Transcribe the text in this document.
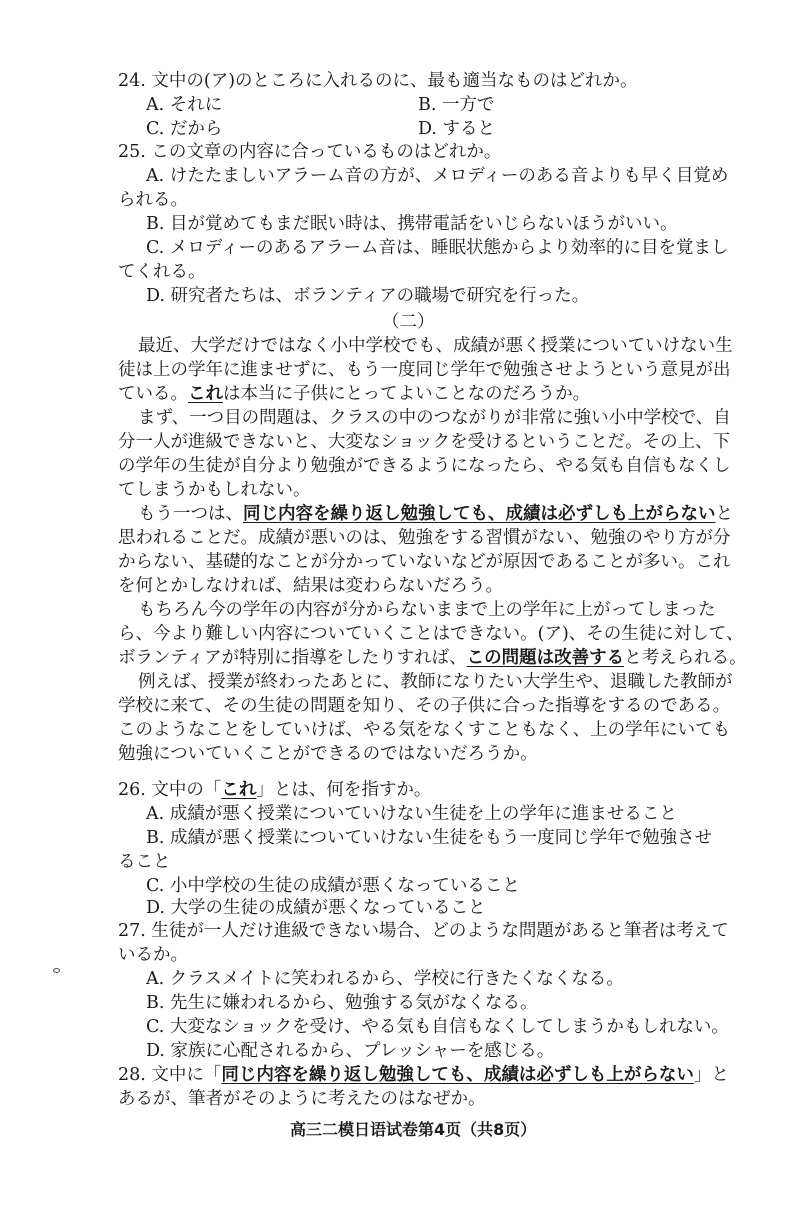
24. 文中の(ア)のところに入れるのに、最も適当なものはどれか。
A. それに	B. 一方で
C. だから	D. すると
25. この文章の内容に合っているものはどれか。
A. けたたましいアラーム音の方が、メロディーのある音よりも早く目覚め
られる。
B. 目が覚めてもまだ眠い時は、携帯電話をいじらないほうがいい。
C. メロディーのあるアラーム音は、睡眠状態からより効率的に目を覚まし
てくれる。
D. 研究者たちは、ボランティアの職場で研究を行った。
（二）
最近、大学だけではなく小中学校でも、成績が悪く授業についていけない生
徒は上の学年に進ませずに、もう一度同じ学年で勉強させようという意見が出
ている。これは本当に子供にとってよいことなのだろうか。
まず、一つ目の問題は、クラスの中のつながりが非常に強い小中学校で、自
分一人が進級できないと、大変なショックを受けるということだ。その上、下
の学年の生徒が自分より勉強ができるようになったら、やる気も自信もなくし
てしまうかもしれない。
もう一つは、同じ内容を繰り返し勉強しても、成績は必ずしも上がらないと
思われることだ。成績が悪いのは、勉強をする習慣がない、勉強のやり方が分
からない、基礎的なことが分かっていないなどが原因であることが多い。これ
を何とかしなければ、結果は変わらないだろう。
もちろん今の学年の内容が分からないままで上の学年に上がってしまった
ら、今より難しい内容についていくことはできない。(ア)、その生徒に対して、
ボランティアが特別に指導をしたりすれば、この問題は改善すると考えられる。
例えば、授業が終わったあとに、教師になりたい大学生や、退職した教師が
学校に来て、その生徒の問題を知り、その子供に合った指導をするのである。
このようなことをしていけば、やる気をなくすこともなく、上の学年にいても
勉強についていくことができるのではないだろうか。
26. 文中の「これ」とは、何を指すか。
A. 成績が悪く授業についていけない生徒を上の学年に進ませること
B. 成績が悪く授業についていけない生徒をもう一度同じ学年で勉強させ
ること
C. 小中学校の生徒の成績が悪くなっていること
D. 大学の生徒の成績が悪くなっていること
27. 生徒が一人だけ進級できない場合、どのような問題があると筆者は考えて
いるか。
A. クラスメイトに笑われるから、学校に行きたくなくなる。
B. 先生に嫌われるから、勉強する気がなくなる。
C. 大変なショックを受け、やる気も自信もなくしてしまうかもしれない。
D. 家族に心配されるから、プレッシャーを感じる。
28. 文中に「同じ内容を繰り返し勉強しても、成績は必ずしも上がらない」と
あるが、筆者がそのように考えたのはなぜか。
高三二模日语试卷第4页（共8页）
